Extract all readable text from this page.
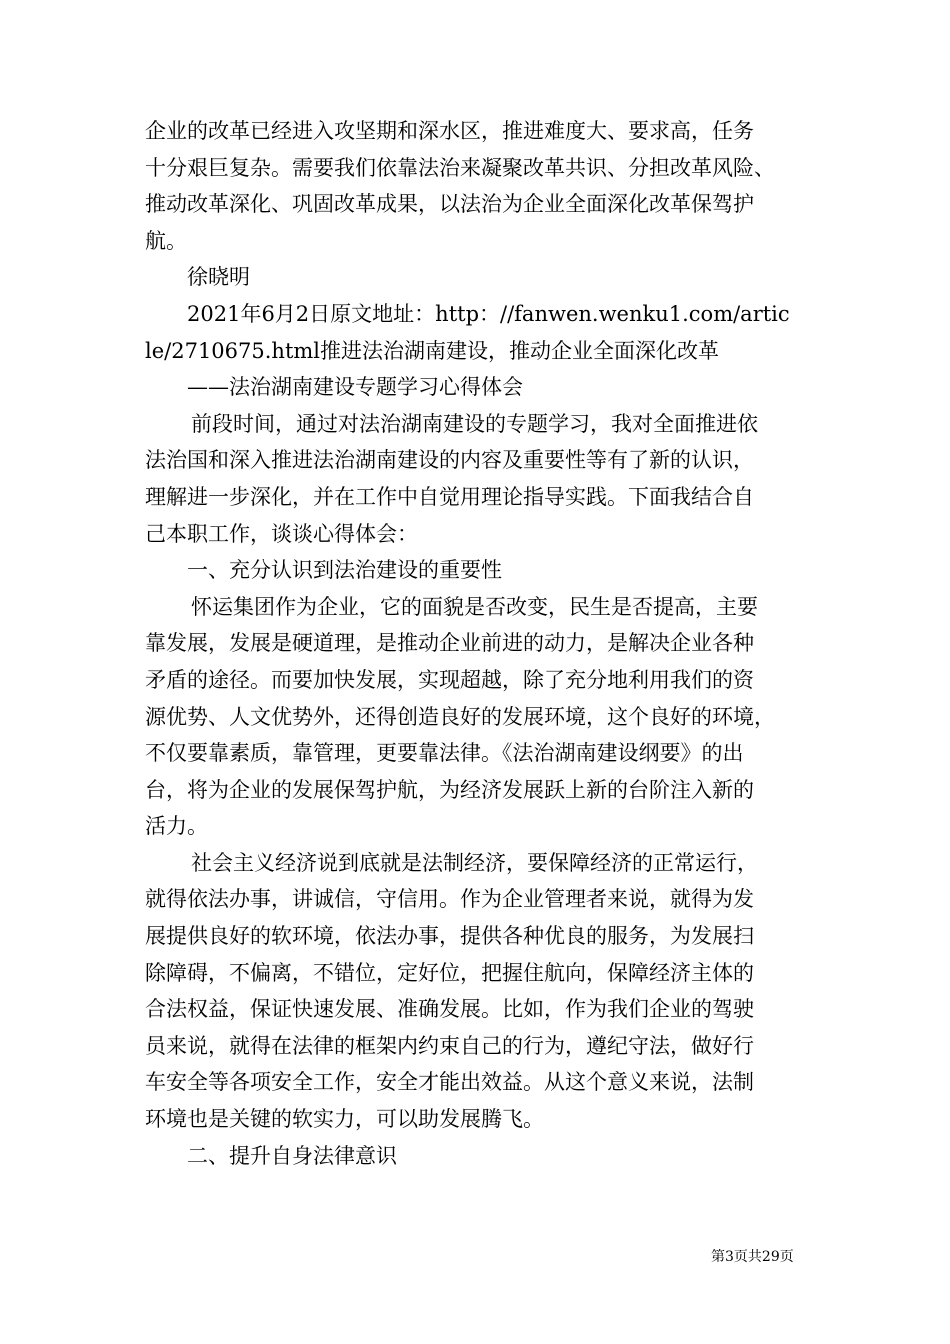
企业的改革已经进入攻坚期和深水区，推进难度大、要求高，任务
十分艰巨复杂。需要我们依靠法治来凝聚改革共识、分担改革风险、
推动改革深化、巩固改革成果，以法治为企业全面深化改革保驾护
航。
徐晓明
2021年6月2日原文地址：http：//fanwen.wenku1.com/artic
le/2710675.html推进法治湖南建设，推动企业全面深化改革
——法治湖南建设专题学习心得体会
前段时间，通过对法治湖南建设的专题学习，我对全面推进依
法治国和深入推进法治湖南建设的内容及重要性等有了新的认识，
理解进一步深化，并在工作中自觉用理论指导实践。下面我结合自
己本职工作，谈谈心得体会：
一、充分认识到法治建设的重要性
怀运集团作为企业，它的面貌是否改变，民生是否提高，主要
靠发展，发展是硬道理，是推动企业前进的动力，是解决企业各种
矛盾的途径。而要加快发展，实现超越，除了充分地利用我们的资
源优势、人文优势外，还得创造良好的发展环境，这个良好的环境，
不仅要靠素质，靠管理，更要靠法律。《法治湖南建设纲要》的出
台，将为企业的发展保驾护航，为经济发展跃上新的台阶注入新的
活力。
社会主义经济说到底就是法制经济，要保障经济的正常运行，
就得依法办事，讲诚信，守信用。作为企业管理者来说，就得为发
展提供良好的软环境，依法办事，提供各种优良的服务，为发展扫
除障碍，不偏离，不错位，定好位，把握住航向，保障经济主体的
合法权益，保证快速发展、准确发展。比如，作为我们企业的驾驶
员来说，就得在法律的框架内约束自己的行为，遵纪守法，做好行
车安全等各项安全工作，安全才能出效益。从这个意义来说，法制
环境也是关键的软实力，可以助发展腾飞。
二、提升自身法律意识
第3页共29页
